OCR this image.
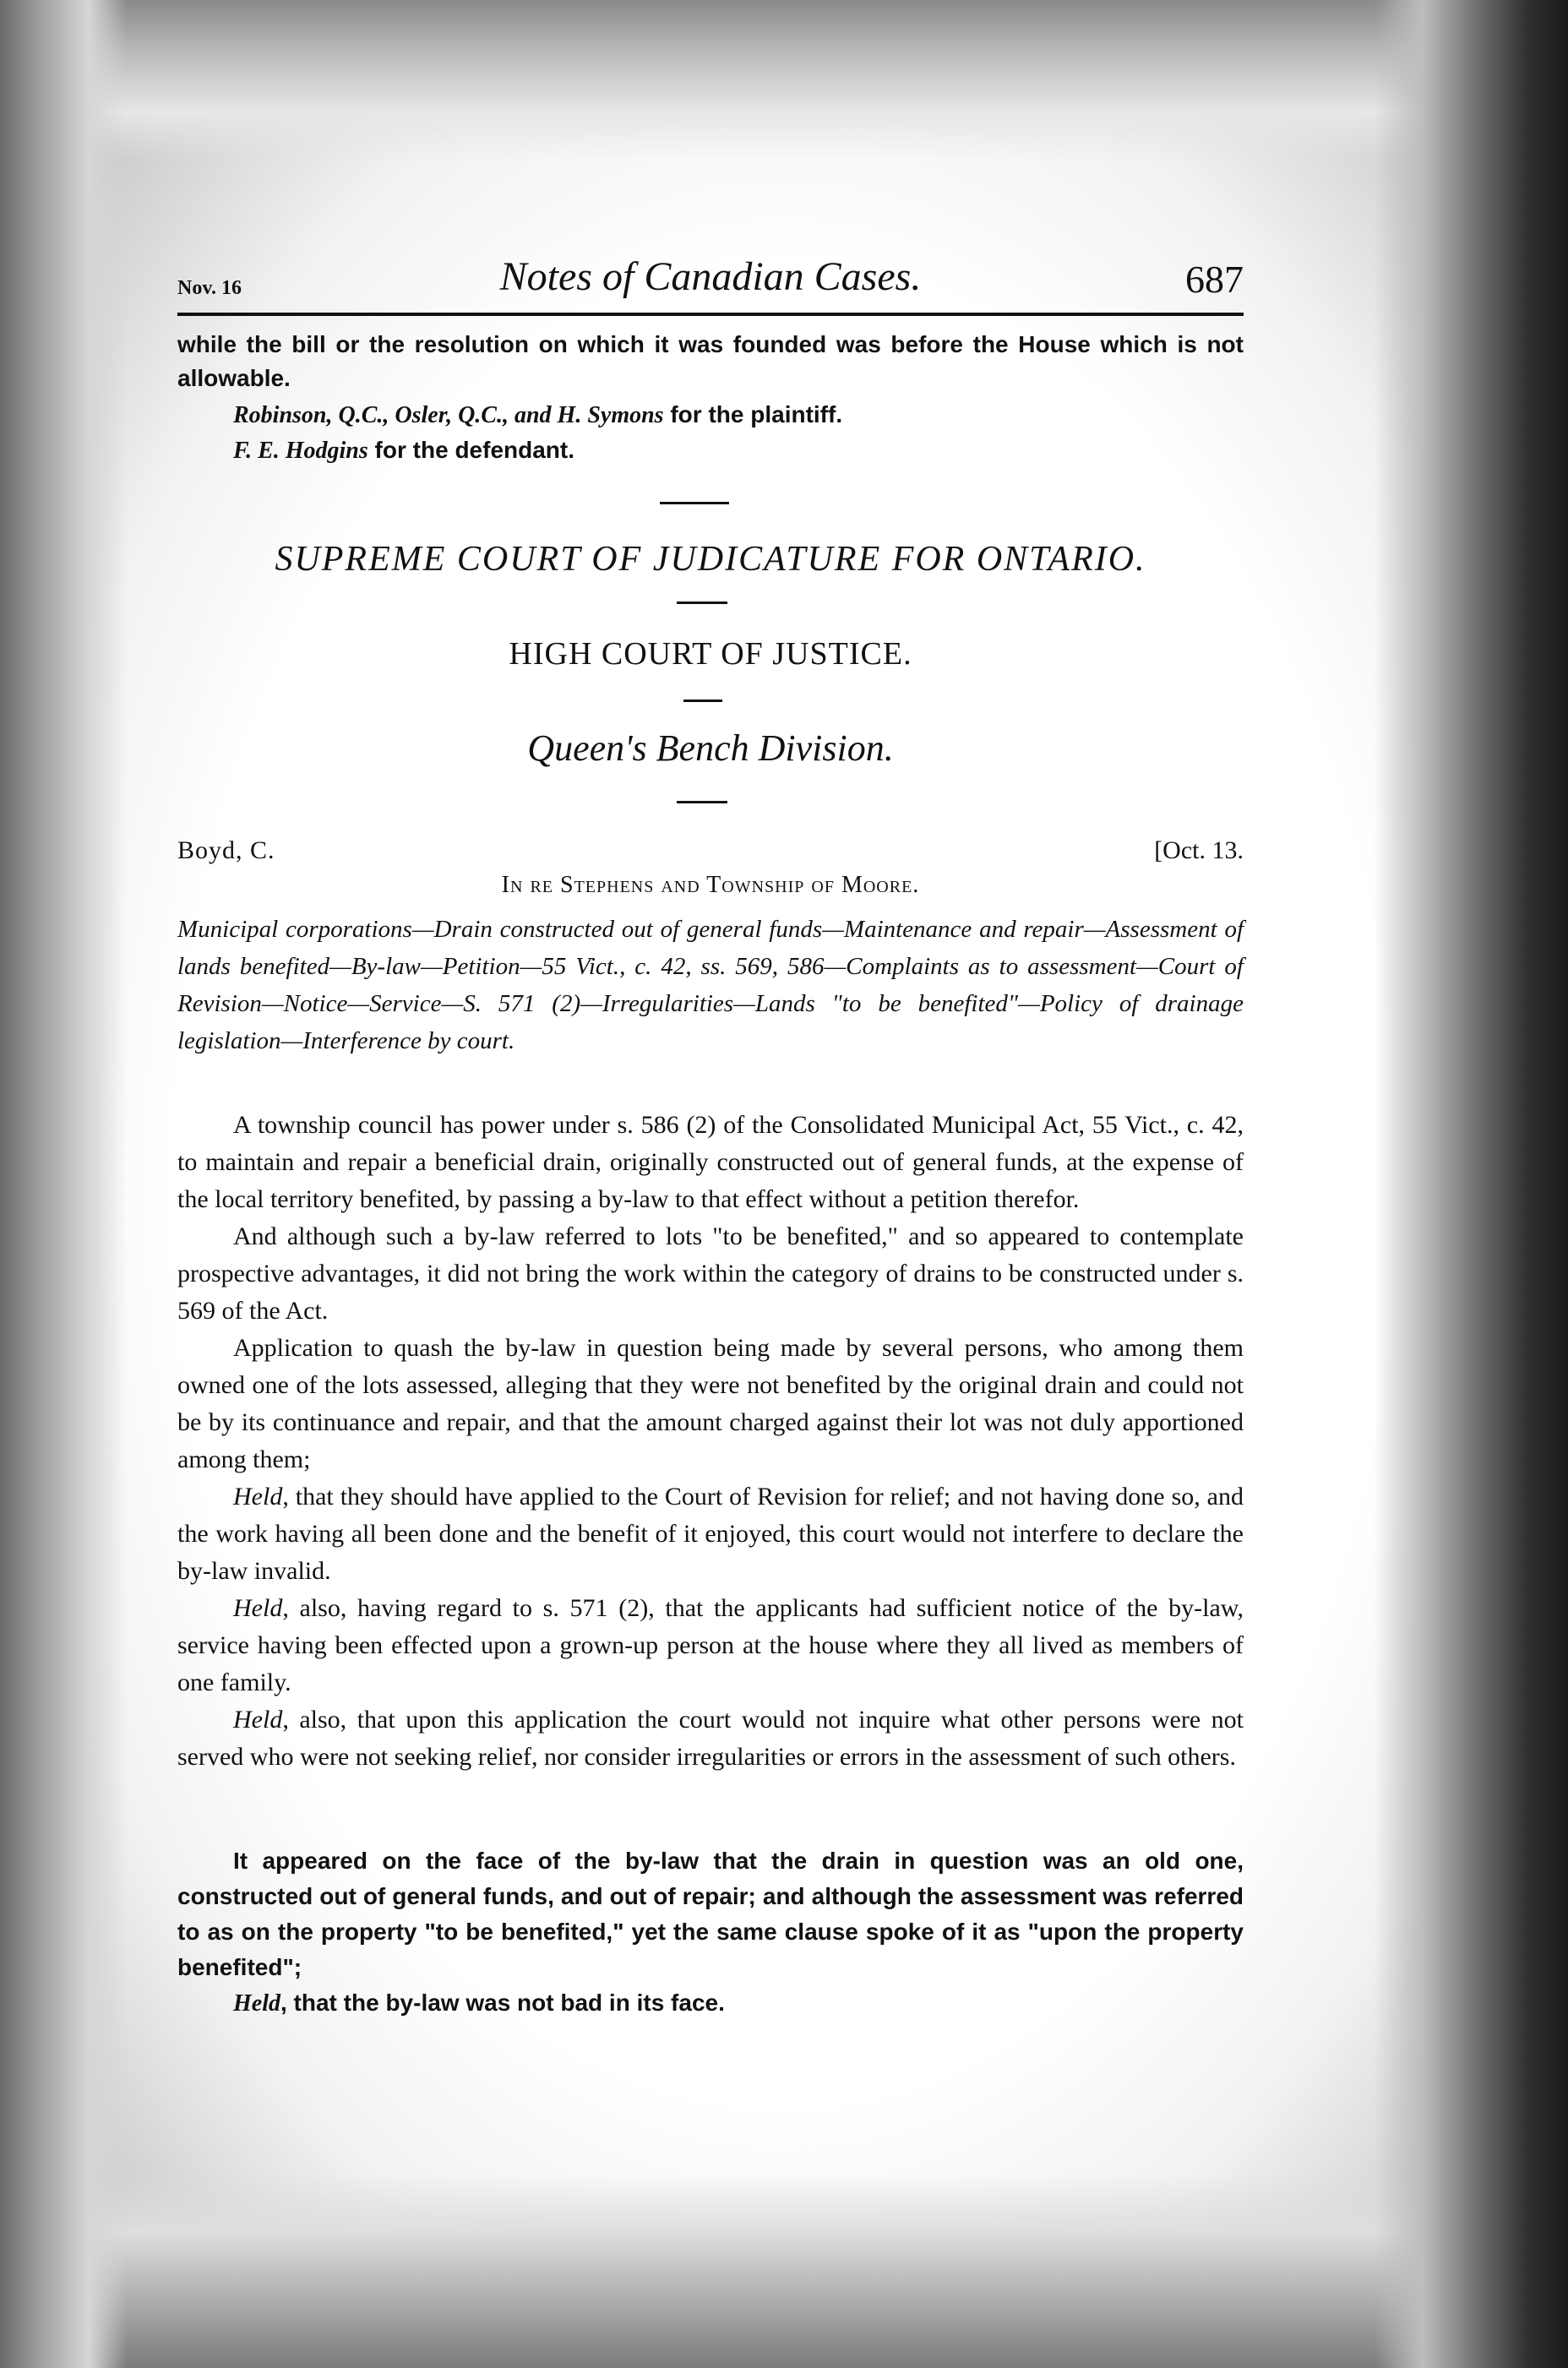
Nov. 16	Notes of Canadian Cases.	687

while the bill or the resolution on which it was founded was before the House which is not allowable.

Robinson, Q.C., Osler, Q.C., and H. Symons for the plaintiff.
F. E. Hodgins for the defendant.
SUPREME COURT OF JUDICATURE FOR ONTARIO.
HIGH COURT OF JUSTICE.
Queen's Bench Division.
Boyd, C.	[Oct. 13.
In re Stephens and Township of Moore.

Municipal corporations—Drain constructed out of general funds—Maintenance and repair—Assessment of lands benefited—By-law—Petition—55 Vict., c. 42, ss. 569, 586—Complaints as to assessment—Court of Revision—Notice—Service—S. 571 (2)—Irregularities—Lands "to be benefited"—Policy of drainage legislation—Interference by court.

A township council has power under s. 586 (2) of the Consolidated Municipal Act, 55 Vict., c. 42, to maintain and repair a beneficial drain, originally constructed out of general funds, at the expense of the local territory benefited, by passing a by-law to that effect without a petition therefor.

And although such a by-law referred to lots "to be benefited," and so appeared to contemplate prospective advantages, it did not bring the work within the category of drains to be constructed under s. 569 of the Act.

Application to quash the by-law in question being made by several persons, who among them owned one of the lots assessed, alleging that they were not benefited by the original drain and could not be by its continuance and repair, and that the amount charged against their lot was not duly apportioned among them;

Held, that they should have applied to the Court of Revision for relief; and not having done so, and the work having all been done and the benefit of it enjoyed, this court would not interfere to declare the by-law invalid.

Held, also, having regard to s. 571 (2), that the applicants had sufficient notice of the by-law, service having been effected upon a grown-up person at the house where they all lived as members of one family.

Held, also, that upon this application the court would not inquire what other persons were not served who were not seeking relief, nor consider irregularities or errors in the assessment of such others.

It appeared on the face of the by-law that the drain in question was an old one, constructed out of general funds, and out of repair; and although the assessment was referred to as on the property "to be benefited," yet the same clause spoke of it as "upon the property benefited";

Held, that the by-law was not bad in its face.
